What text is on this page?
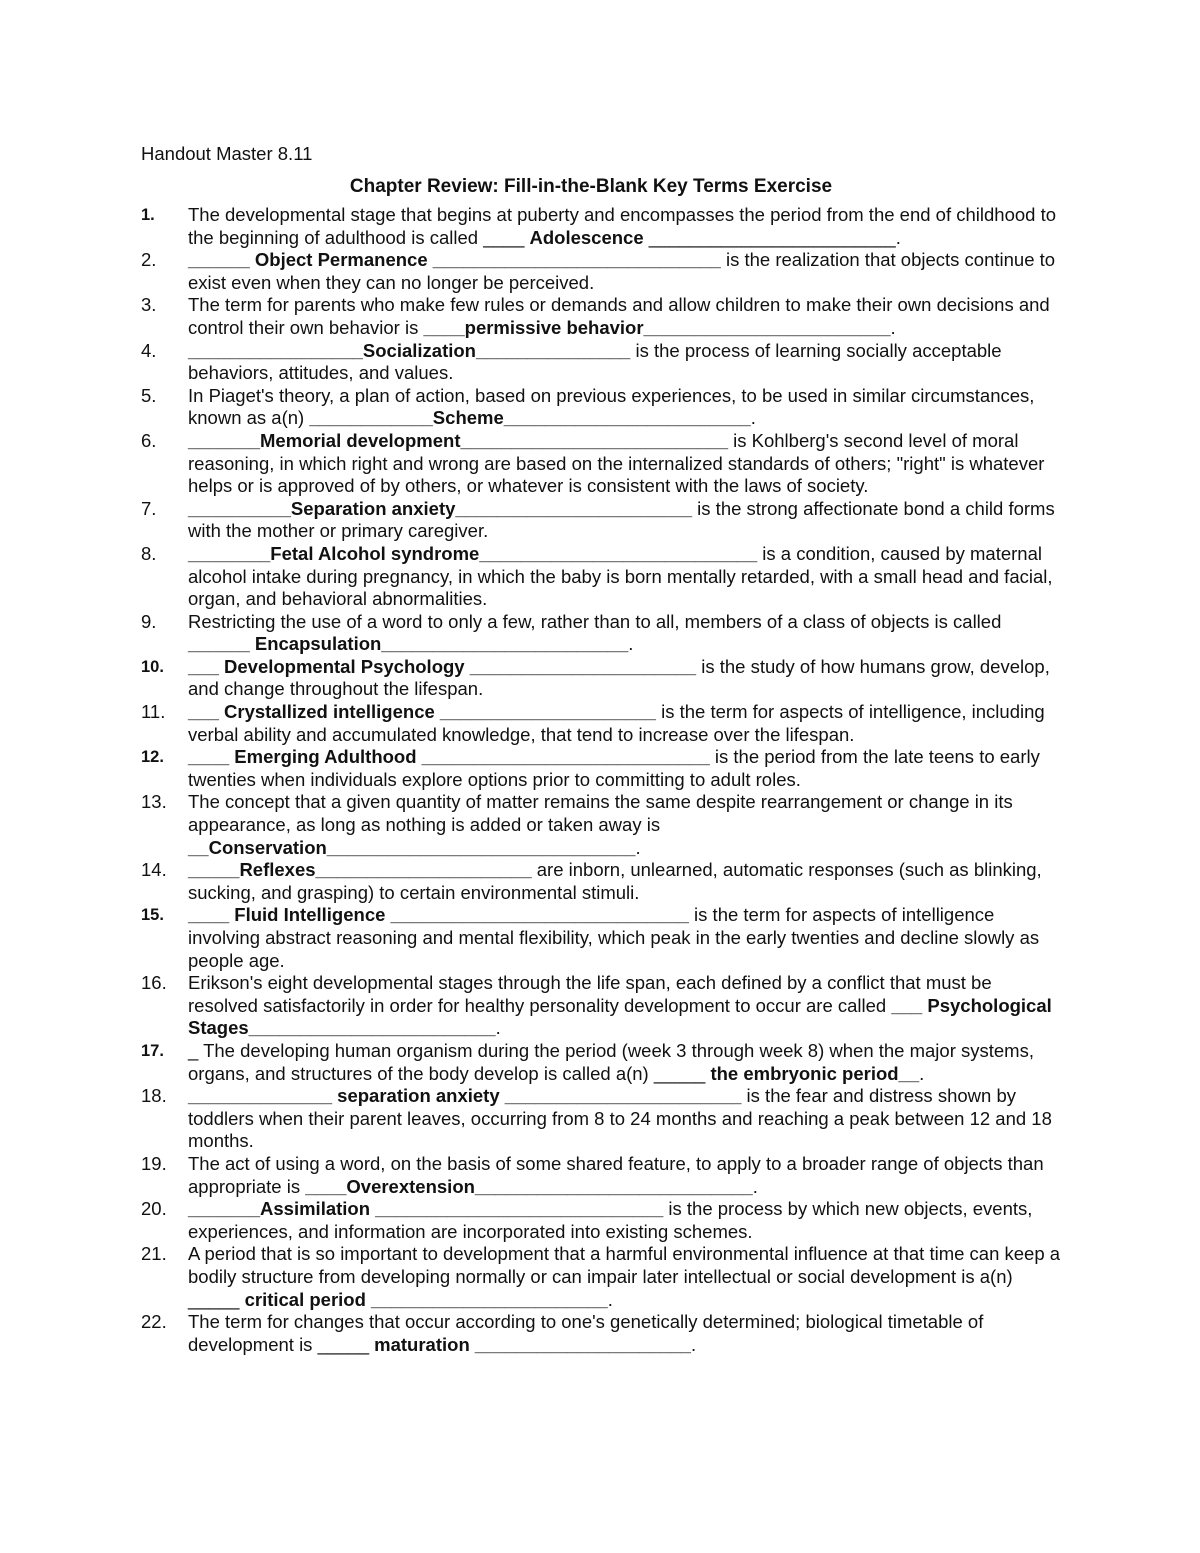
Handout Master 8.11
Chapter Review: Fill-in-the-Blank Key Terms Exercise
1. The developmental stage that begins at puberty and encompasses the period from the end of childhood to the beginning of adulthood is called ____ Adolescence ________________________.
2. ______ Object Permanence ____________________________ is the realization that objects continue to exist even when they can no longer be perceived.
3. The term for parents who make few rules or demands and allow children to make their own decisions and control their own behavior is ____permissive behavior________________________.
4. _________________Socialization_______________ is the process of learning socially acceptable behaviors, attitudes, and values.
5. In Piaget's theory, a plan of action, based on previous experiences, to be used in similar circumstances, known as a(n) ____________Scheme________________________.
6. _______Memorial development__________________________ is Kohlberg's second level of moral reasoning, in which right and wrong are based on the internalized standards of others; "right" is whatever helps or is approved of by others, or whatever is consistent with the laws of society.
7. __________Separation anxiety_______________________ is the strong affectionate bond a child forms with the mother or primary caregiver.
8. ________Fetal Alcohol syndrome___________________________ is a condition, caused by maternal alcohol intake during pregnancy, in which the baby is born mentally retarded, with a small head and facial, organ, and behavioral abnormalities.
9. Restricting the use of a word to only a few, rather than to all, members of a class of objects is called ______ Encapsulation________________________.
10. ___ Developmental Psychology ______________________ is the study of how humans grow, develop, and change throughout the lifespan.
11. ___ Crystallized intelligence _____________________ is the term for aspects of intelligence, including verbal ability and accumulated knowledge, that tend to increase over the lifespan.
12. ____ Emerging Adulthood ____________________________ is the period from the late teens to early twenties when individuals explore options prior to committing to adult roles.
13. The concept that a given quantity of matter remains the same despite rearrangement or change in its appearance, as long as nothing is added or taken away is __Conservation______________________________.
14. _____Reflexes_____________________ are inborn, unlearned, automatic responses (such as blinking, sucking, and grasping) to certain environmental stimuli.
15. ____ Fluid Intelligence _____________________________ is the term for aspects of intelligence involving abstract reasoning and mental flexibility, which peak in the early twenties and decline slowly as people age.
16. Erikson's eight developmental stages through the life span, each defined by a conflict that must be resolved satisfactorily in order for healthy personality development to occur are called ___ Psychological Stages________________________.
17. _ The developing human organism during the period (week 3 through week 8) when the major systems, organs, and structures of the body develop is called a(n) _____ the embryonic period__.
18. ______________ separation anxiety _______________________ is the fear and distress shown by toddlers when their parent leaves, occurring from 8 to 24 months and reaching a peak between 12 and 18 months.
19. The act of using a word, on the basis of some shared feature, to apply to a broader range of objects than appropriate is ____Overextension___________________________.
20. _______Assimilation ____________________________ is the process by which new objects, events, experiences, and information are incorporated into existing schemes.
21. A period that is so important to development that a harmful environmental influence at that time can keep a bodily structure from developing normally or can impair later intellectual or social development is a(n) _____ critical period _______________________.
22. The term for changes that occur according to one's genetically determined; biological timetable of development is _____ maturation _____________________.
